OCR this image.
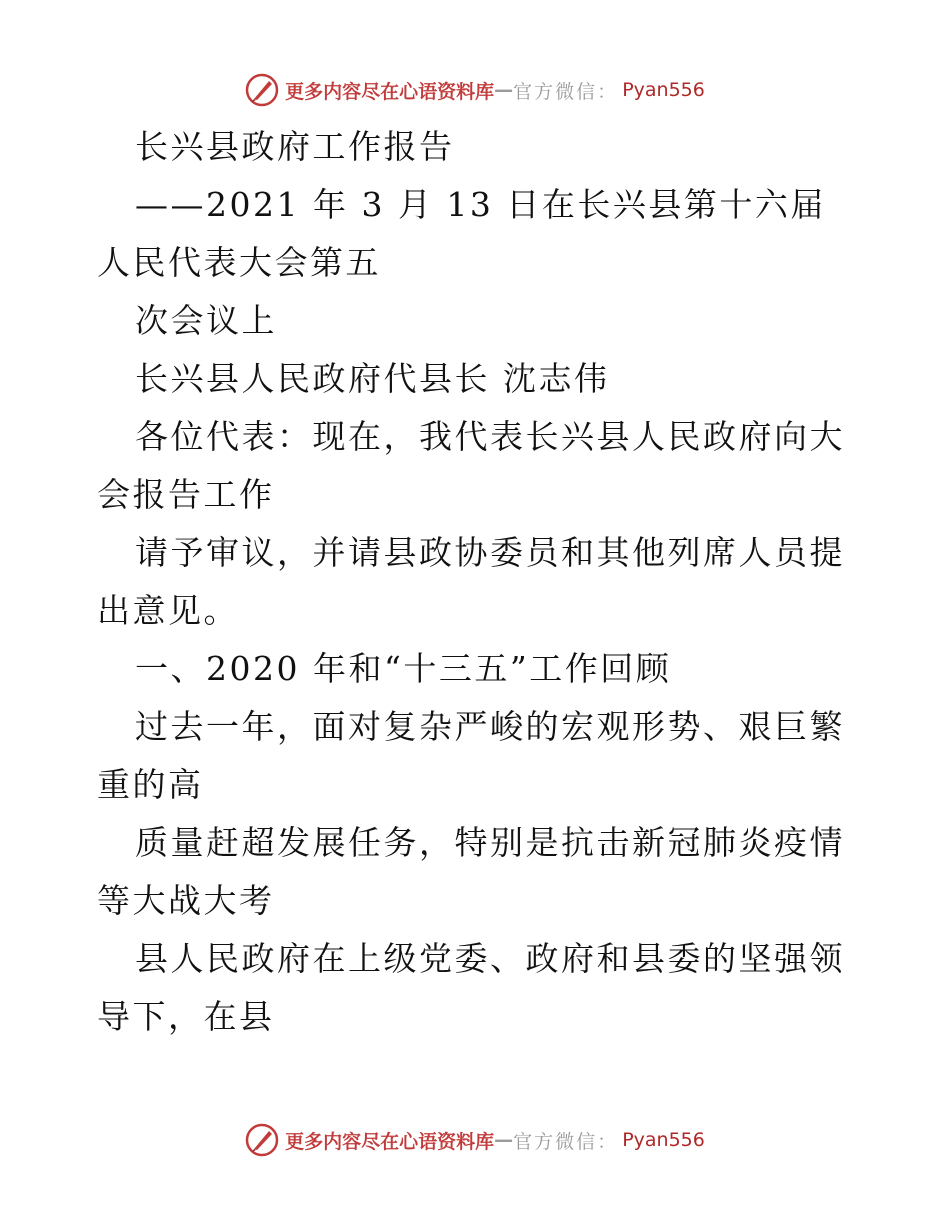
更多内容尽在心语资料库 — 官方微信： Pyan556

长兴县政府工作报告

——2021 年 3 月 13 日在长兴县第十六届人民代表大会第五

次会议上

长兴县人民政府代县长 沈志伟

各位代表：现在，我代表长兴县人民政府向大会报告工作

请予审议，并请县政协委员和其他列席人员提出意见。

一、2020 年和“十三五”工作回顾

过去一年，面对复杂严峻的宏观形势、艰巨繁重的高

质量赶超发展任务，特别是抗击新冠肺炎疫情等大战大考

县人民政府在上级党委、政府和县委的坚强领导下，在县

更多内容尽在心语资料库 — 官方微信： Pyan556
